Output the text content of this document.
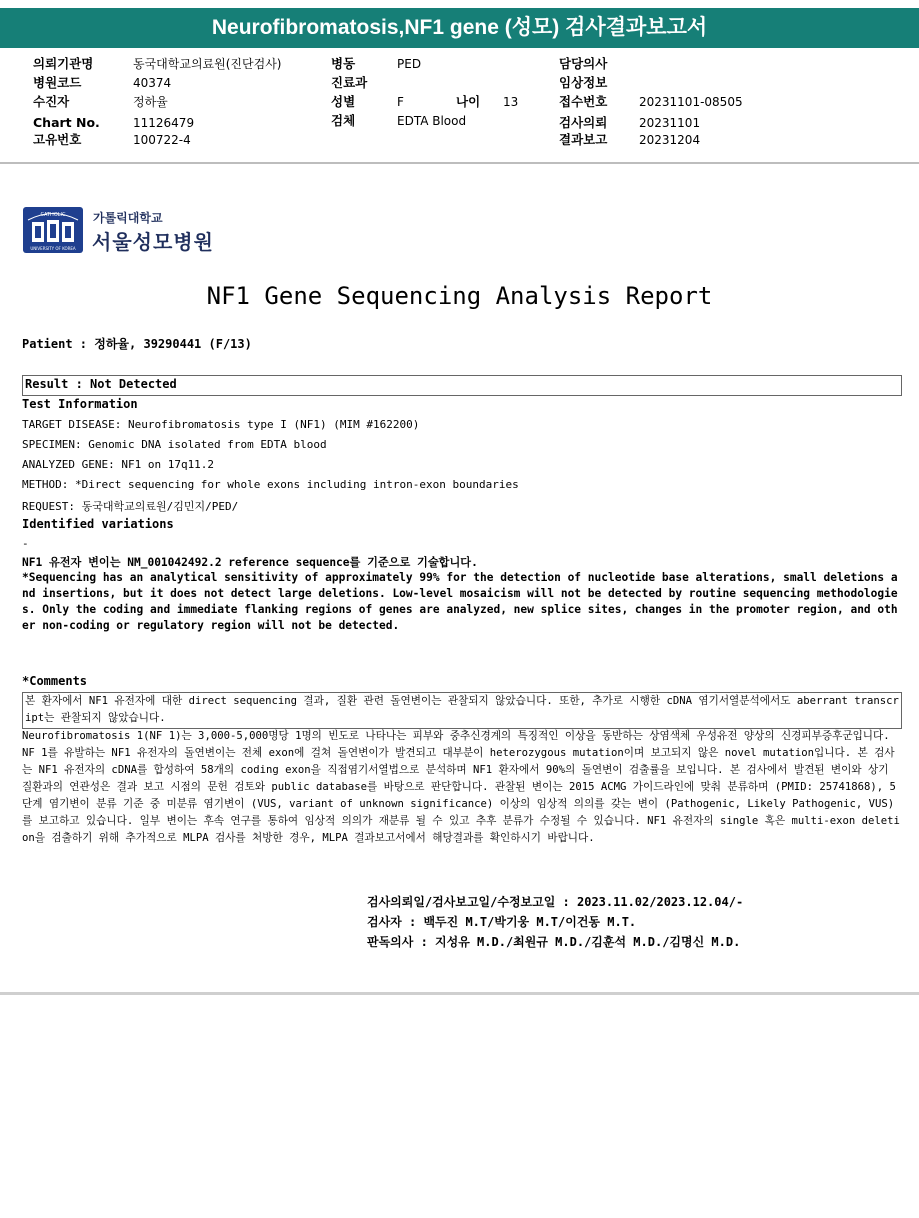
Neurofibromatosis,NF1 gene (성모) 검사결과보고서
의뢰기관명	동국대학교의료원(진단검사)
병원코드	40374
수진자	정하율
Chart No.	11126479
고유번호	100722-4
병동	PED
진료과
성별	F	나이 13
검체	EDTA Blood
담당의사
임상정보
접수번호	20231101-08505
검사의뢰	20231101
결과보고	20231204
CATHOLIC
UNIVERSITY OF KOREA
가톨릭대학교
서울성모병원
NF1 Gene Sequencing Analysis Report
Patient : 정하율, 39290441 (F/13)
Result : Not Detected
Test Information
TARGET DISEASE: Neurofibromatosis type I (NF1) (MIM #162200)
SPECIMEN: Genomic DNA isolated from EDTA blood
ANALYZED GENE: NF1 on 17q11.2
METHOD: *Direct sequencing for whole exons including intron-exon boundaries
REQUEST: 동국대학교의료원/김민지/PED/
Identified variations
-

NF1 유전자 변이는 NM_001042492.2 reference sequence를 기준으로 기술합니다.

*Sequencing has an analytical sensitivity of approximately 99% for the detection of nucleotide base alterations, small deletions and insertions, but it does not detect large deletions. Low-level mosaicism will not be detected by routine sequencing methodologies. Only the coding and immediate flanking regions of genes are analyzed, new splice sites, changes in the promoter region, and other non-coding or regulatory region will not be detected.

*Comments

본 환자에서 NF1 유전자에 대한 direct sequencing 결과, 질환 관련 돌연변이는 관찰되지 않았습니다. 또한, 추가로 시행한 cDNA 염기서열분석에서도 aberrant transcript는 관찰되지 않았습니다.

Neurofibromatosis 1(NF 1)는 3,000-5,000명당 1명의 빈도로 나타나는 피부와 중추신경계의 특징적인 이상을 동반하는 상염색체 우성유전 양상의 신경피부증후군입니다. NF 1를 유발하는 NF1 유전자의 돌연변이는 전체 exon에 걸쳐 돌연변이가 발견되고 대부분이 heterozygous mutation이며 보고되지 않은 novel mutation입니다. 본 검사는 NF1 유전자의 cDNA를 합성하여 58개의 coding exon을 직접염기서열법으로 분석하며 NF1 환자에서 90%의 돌연변이 검출률을 보입니다. 본 검사에서 발견된 변이와 상기 질환과의 연관성은 결과 보고 시점의 문헌 검토와 public database를 바탕으로 판단합니다. 관찰된 변이는 2015 ACMG 가이드라인에 맞춰 분류하며 (PMID: 25741868), 5단계 염기변이 분류 기준 중 미분류 염기변이 (VUS, variant of unknown significance) 이상의 임상적 의의를 갖는 변이 (Pathogenic, Likely Pathogenic, VUS) 를 보고하고 있습니다. 일부 변이는 후속 연구를 통하여 임상적 의의가 재분류 될 수 있고 추후 분류가 수정될 수 있습니다. NF1 유전자의 single 혹은 multi-exon deletion을 검출하기 위해 추가적으로 MLPA 검사를 처방한 경우, MLPA 결과보고서에서 해당결과를 확인하시기 바랍니다.

검사의뢰일/검사보고일/수정보고일 : 2023.11.02/2023.12.04/-
검사자 : 백두진 M.T/박기웅 M.T/이건동 M.T.
판독의사 : 지성유 M.D./최원규 M.D./김훈석 M.D./김명신 M.D.
